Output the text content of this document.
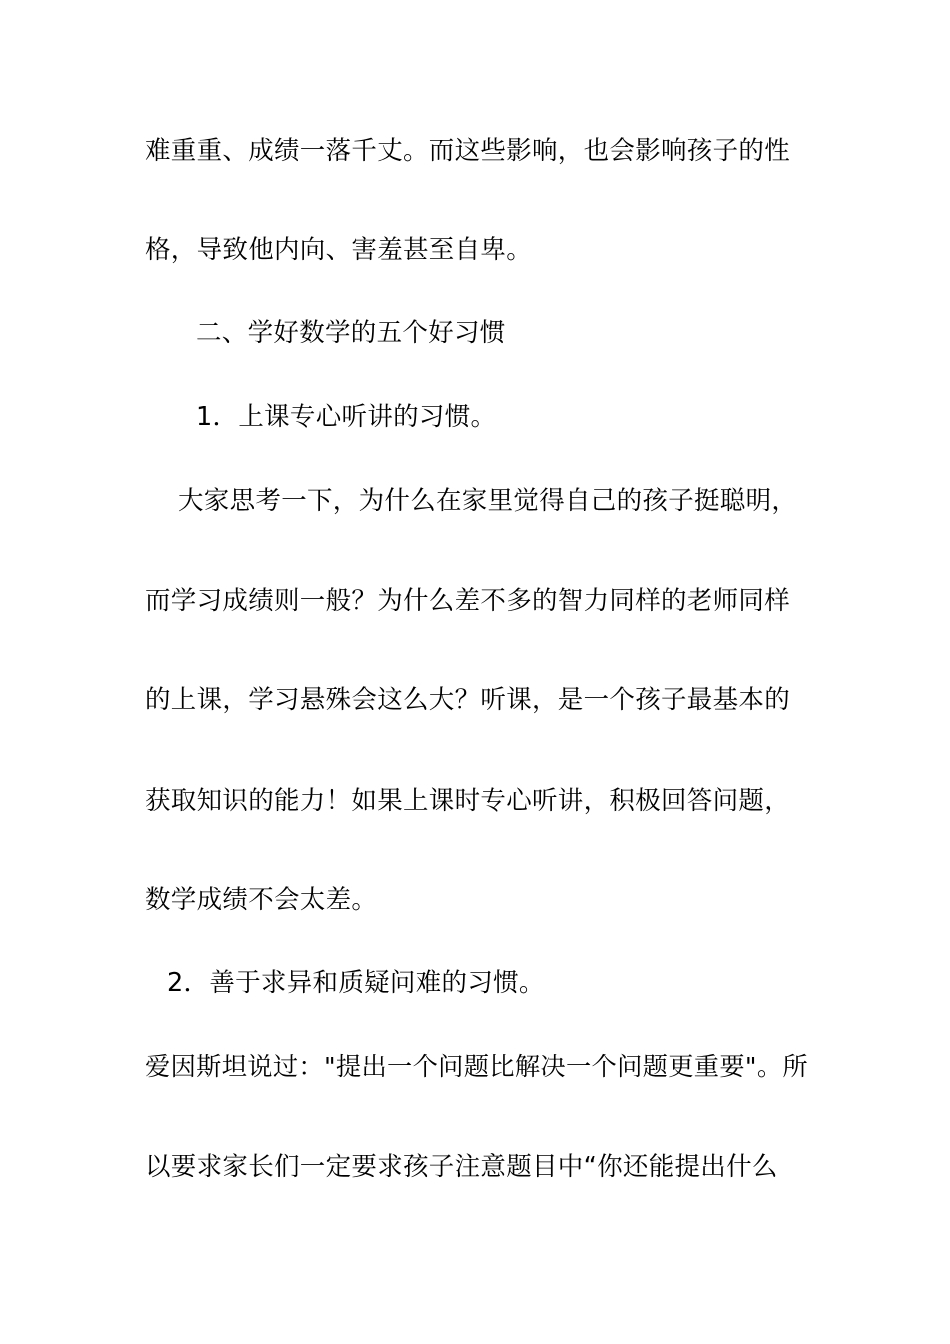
难重重、成绩一落千丈。而这些影响，也会影响孩子的性
格，导致他内向、害羞甚至自卑。
二、学好数学的五个好习惯
1．上课专心听讲的习惯。
大家思考一下，为什么在家里觉得自己的孩子挺聪明，
而学习成绩则一般？为什么差不多的智力同样的老师同样
的上课，学习悬殊会这么大？听课，是一个孩子最基本的
获取知识的能力！如果上课时专心听讲，积极回答问题，
数学成绩不会太差。
2．善于求异和质疑问难的习惯。
爱因斯坦说过："提出一个问题比解决一个问题更重要"。所
以要求家长们一定要求孩子注意题目中“你还能提出什么
